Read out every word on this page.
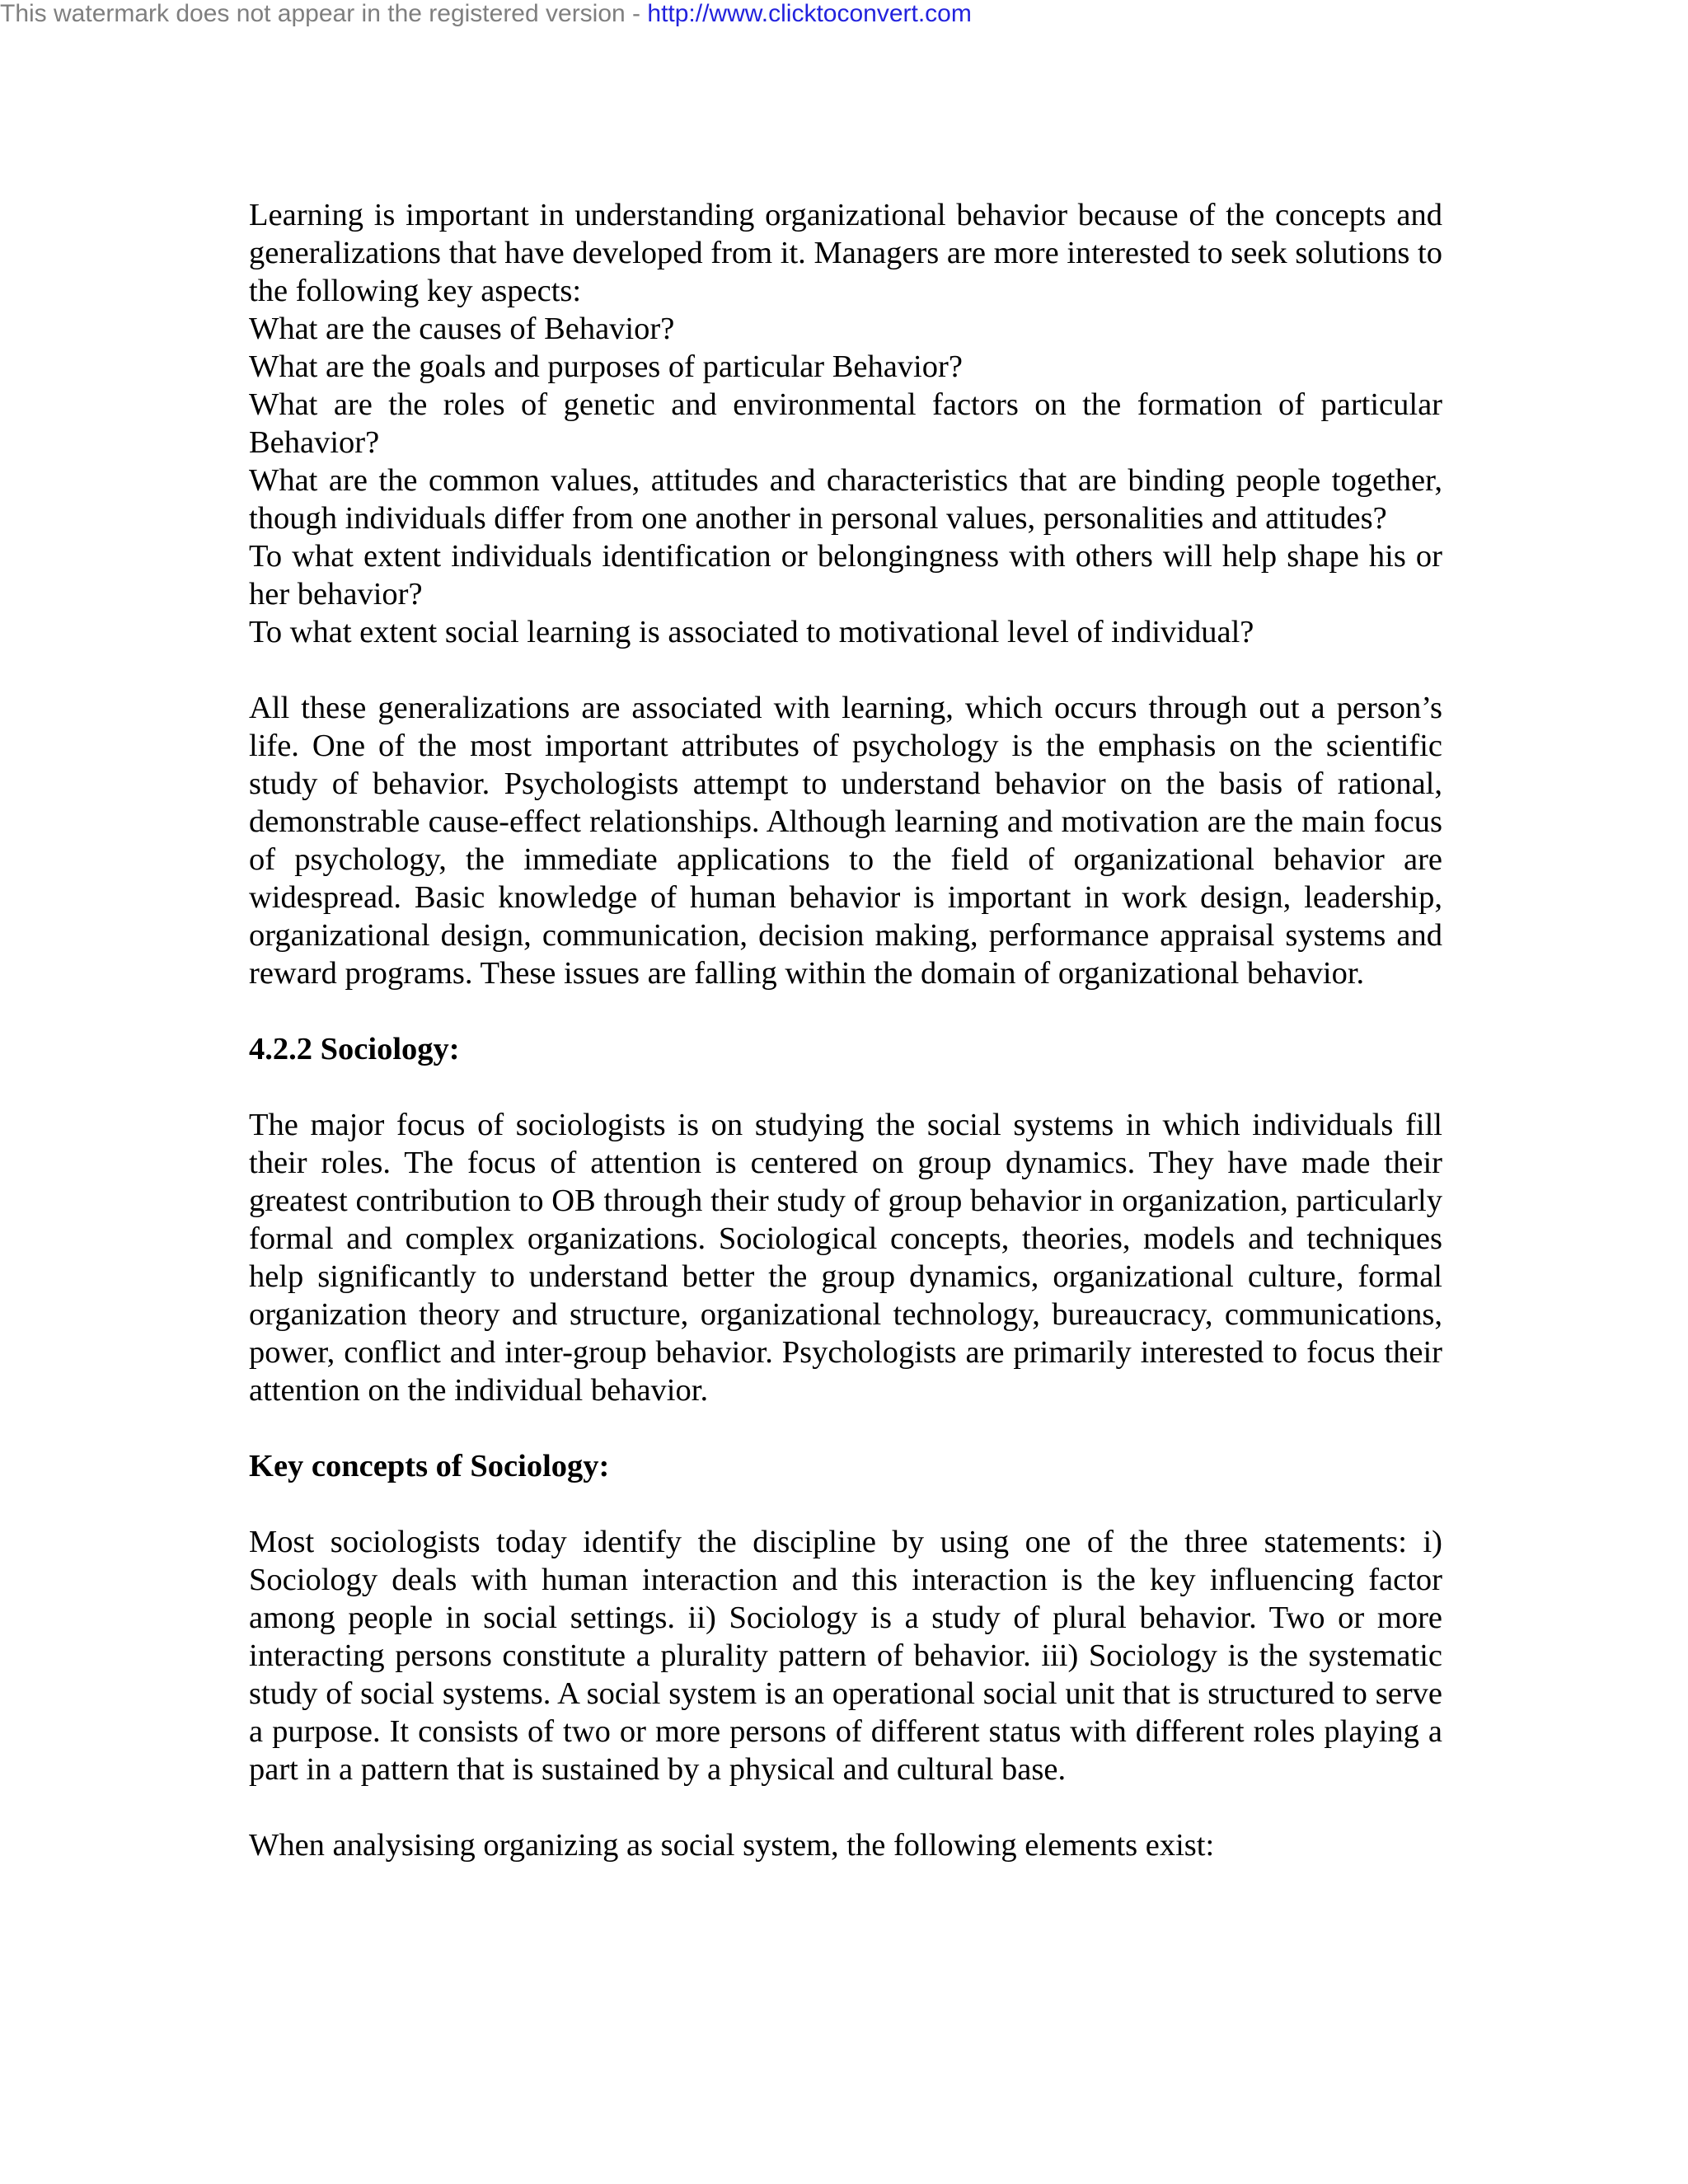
This watermark does not appear in the registered version - http://www.clicktoconvert.com

Learning is important in understanding organizational behavior because of the concepts and generalizations that have developed from it. Managers are more interested to seek solutions to the following key aspects:

What are the causes of Behavior?

What are the goals and purposes of particular Behavior?

What are the roles of genetic and environmental factors on the formation of particular Behavior?

What are the common values, attitudes and characteristics that are binding people together, though individuals differ from one another in personal values, personalities and attitudes?

To what extent individuals identification or belongingness with others will help shape his or her behavior?

To what extent social learning is associated to motivational level of individual?

All these generalizations are associated with learning, which occurs through out a person’s life. One of the most important attributes of psychology is the emphasis on the scientific study of behavior. Psychologists attempt to understand behavior on the basis of rational, demonstrable cause-effect relationships. Although learning and motivation are the main focus of psychology, the immediate applications to the field of organizational behavior are widespread. Basic knowledge of human behavior is important in work design, leadership, organizational design, communication, decision making, performance appraisal systems and reward programs. These issues are falling within the domain of organizational behavior.

4.2.2 Sociology:

The major focus of sociologists is on studying the social systems in which individuals fill their roles. The focus of attention is centered on group dynamics. They have made their greatest contribution to OB through their study of group behavior in organization, particularly formal and complex organizations. Sociological concepts, theories, models and techniques help significantly to understand better the group dynamics, organizational culture, formal organization theory and structure, organizational technology, bureaucracy, communications, power, conflict and inter-group behavior. Psychologists are primarily interested to focus their attention on the individual behavior.

Key concepts of Sociology:

Most sociologists today identify the discipline by using one of the three statements: i) Sociology deals with human interaction and this interaction is the key influencing factor among people in social settings. ii) Sociology is a study of plural behavior. Two or more interacting persons constitute a plurality pattern of behavior. iii) Sociology is the systematic study of social systems. A social system is an operational social unit that is structured to serve a purpose. It consists of two or more persons of different status with different roles playing a part in a pattern that is sustained by a physical and cultural base.

When analysising organizing as social system, the following elements exist:
